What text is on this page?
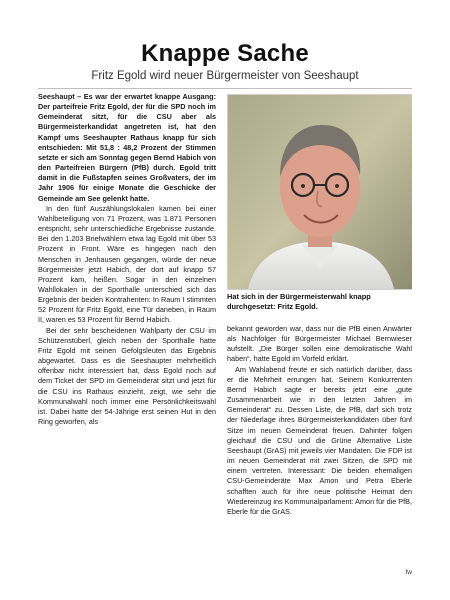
Knappe Sache
Fritz Egold wird neuer Bürgermeister von Seeshaupt

Seeshaupt – Es war der erwartet knappe Ausgang: Der parteifreie Fritz Egold, der für die SPD noch im Gemeinderat sitzt, für die CSU aber als Bürgermeisterkandidat angetreten ist, hat den Kampf ums Seeshaupter Rathaus knapp für sich entschieden: Mit 51,8 : 48,2 Prozent der Stimmen setzte er sich am Sonntag gegen Bernd Habich von den Parteifreien Bürgern (PfB) durch. Egold tritt damit in die Fußstapfen seines Großvaters, der im Jahr 1906 für einige Monate die Geschicke der Gemeinde am See gelenkt hatte.

In den fünf Auszählungslokalen kamen bei einer Wahlbeteiligung von 71 Prozent, was 1.871 Personen entspricht, sehr unterschiedliche Ergebnisse zustande. Bei den 1.203 Briefwählern etwa lag Egold mit über 53 Prozent in Front. Wäre es hingegen nach den Menschen in Jenhausen gegangen, würde der neue Bürgermeister jetzt Habich, der dort auf knapp 57 Prozent kam, heißen. Sogar in den einzelnen Wahllokalen in der Sporthalle unterschied sich das Ergebnis der beiden Kontrahenten: In Raum I stimmten 52 Prozent für Fritz Egold, eine Tür daneben, in Raum II, waren es 53 Prozent für Bernd Habich.

Bei der sehr bescheidenen Wahlparty der CSU im Schützenstüberl, gleich neben der Sporthalle hatte Fritz Egold mit seinen Gefolgsleuten das Ergebnis abgewartet. Dass es die Seeshaupter mehrheitlich offenbar nicht interessiert hat, dass Egold noch auf dem Ticket der SPD im Gemeinderat sitzt und jetzt für die CSU ins Rathaus einzieht, zeigt, wie sehr die Kommunalwahl noch immer eine Persönlichkeitswahl ist. Dabei hatte der 54-Jährige erst seinen Hut in den Ring geworfen, als

Hat sich in der Bürgermeisterwahl knapp durchgesetzt: Fritz Egold.

bekannt geworden war, dass nur die PfB einen Anwärter als Nachfolger für Bürgermeister Michael Bernwieser aufstellt. „Die Bürger sollen eine demokratische Wahl haben“, hatte Egold im Vorfeld erklärt.

Am Wahlabend freute er sich natürlich darüber, dass er die Mehrheit errungen hat. Seinem Konkurrenten Bernd Habich sagte er bereits jetzt eine „gute Zusammenarbeit wie in den letzten Jahren im Gemeinderat“ zu. Dessen Liste, die PfB, darf sich trotz der Niederlage ihres Bürgermeisterkandidaten über fünf Sitze im neuen Gemeinderat freuen. Dahinter folgen gleichauf die CSU und die Grüne Alternative Liste Seeshaupt (GrAS) mit jeweils vier Mandaten. Die FDP ist im neuen Gemeinderat mit zwei Sitzen, die SPD mit einem vertreten. Interessant: Die beiden ehemaligen CSU-Gemeinderäte Max Amon und Petra Eberle schafften auch für ihre neue politische Heimat den Wiedereinzug ins Kommunalparlament: Amon für die PfB, Eberle für die GrAS.

fw
